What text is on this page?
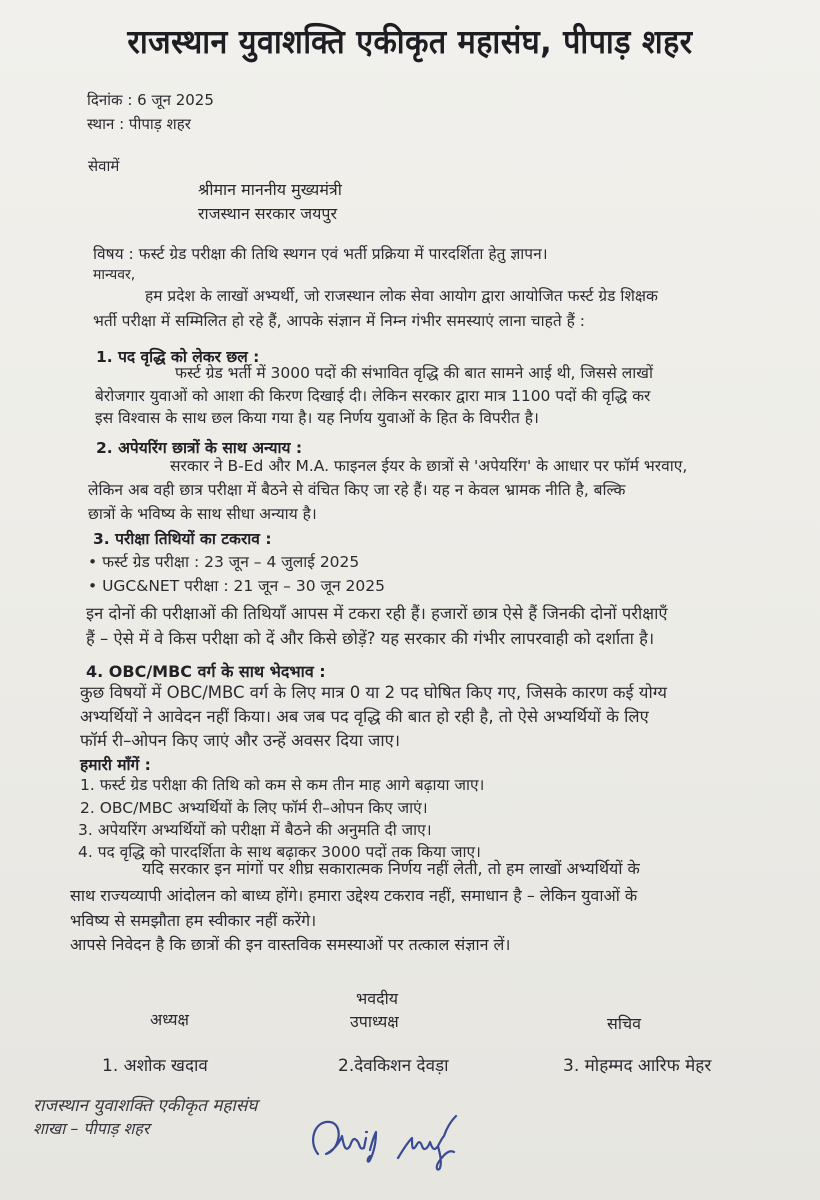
राजस्थान युवाशक्ति एकीकृत महासंघ, पीपाड़ शहर
दिनांक : 6 जून 2025
स्थान : पीपाड़ शहर
सेवामें
श्रीमान माननीय मुख्यमंत्री
राजस्थान सरकार जयपुर
विषय : फर्स्ट ग्रेड परीक्षा की तिथि स्थगन एवं भर्ती प्रक्रिया में पारदर्शिता हेतु ज्ञापन।
मान्यवर,
हम प्रदेश के लाखों अभ्यर्थी, जो राजस्थान लोक सेवा आयोग द्वारा आयोजित फर्स्ट ग्रेड शिक्षक
भर्ती परीक्षा में सम्मिलित हो रहे हैं, आपके संज्ञान में निम्न गंभीर समस्याएं लाना चाहते हैं :
1. पद वृद्धि को लेकर छल :
फर्स्ट ग्रेड भर्ती में 3000 पदों की संभावित वृद्धि की बात सामने आई थी, जिससे लाखों
बेरोजगार युवाओं को आशा की किरण दिखाई दी। लेकिन सरकार द्वारा मात्र 1100 पदों की वृद्धि कर
इस विश्वास के साथ छल किया गया है। यह निर्णय युवाओं के हित के विपरीत है।
2. अपेयरिंग छात्रों के साथ अन्याय :
सरकार ने B-Ed और M.A. फाइनल ईयर के छात्रों से 'अपेयरिंग' के आधार पर फॉर्म भरवाए,
लेकिन अब वही छात्र परीक्षा में बैठने से वंचित किए जा रहे हैं। यह न केवल भ्रामक नीति है, बल्कि
छात्रों के भविष्य के साथ सीधा अन्याय है।
3. परीक्षा तिथियों का टकराव :
• फर्स्ट ग्रेड परीक्षा : 23 जून – 4 जुलाई 2025
• UGC&NET परीक्षा : 21 जून – 30 जून 2025
इन दोनों की परीक्षाओं की तिथियाँ आपस में टकरा रही हैं। हजारों छात्र ऐसे हैं जिनकी दोनों परीक्षाएँ
हैं – ऐसे में वे किस परीक्षा को दें और किसे छोड़ें? यह सरकार की गंभीर लापरवाही को दर्शाता है।
4. OBC/MBC वर्ग के साथ भेदभाव :
कुछ विषयों में OBC/MBC वर्ग के लिए मात्र 0 या 2 पद घोषित किए गए, जिसके कारण कई योग्य
अभ्यर्थियों ने आवेदन नहीं किया। अब जब पद वृद्धि की बात हो रही है, तो ऐसे अभ्यर्थियों के लिए
फॉर्म री–ओपन किए जाएं और उन्हें अवसर दिया जाए।
हमारी माँगें :
1. फर्स्ट ग्रेड परीक्षा की तिथि को कम से कम तीन माह आगे बढ़ाया जाए।
2. OBC/MBC अभ्यर्थियों के लिए फॉर्म री–ओपन किए जाएं।
3. अपेयरिंग अभ्यर्थियों को परीक्षा में बैठने की अनुमति दी जाए।
4. पद वृद्धि को पारदर्शिता के साथ बढ़ाकर 3000 पदों तक किया जाए।
यदि सरकार इन मांगों पर शीघ्र सकारात्मक निर्णय नहीं लेती, तो हम लाखों अभ्यर्थियों के
साथ राज्यव्यापी आंदोलन को बाध्य होंगे। हमारा उद्देश्य टकराव नहीं, समाधान है – लेकिन युवाओं के
भविष्य से समझौता हम स्वीकार नहीं करेंगे।
आपसे निवेदन है कि छात्रों की इन वास्तविक समस्याओं पर तत्काल संज्ञान लें।
भवदीय
अध्यक्ष	उपाध्यक्ष	सचिव
1. अशोक खदाव	2.देवकिशन देवड़ा	3. मोहम्मद आरिफ मेहर
राजस्थान युवाशक्ति एकीकृत महासंघ
शाखा – पीपाड़ शहर
